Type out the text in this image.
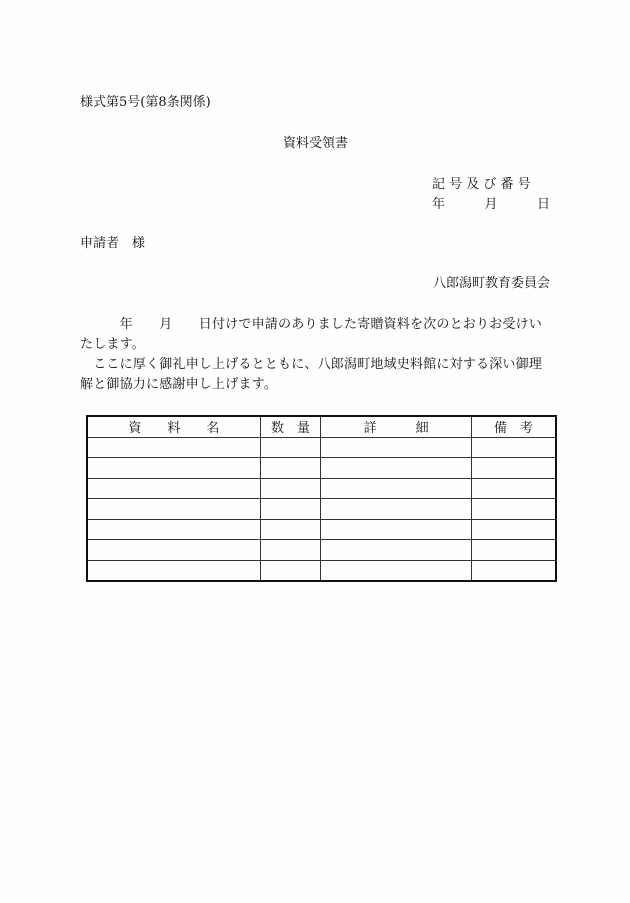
様式第5号(第8条関係)
資料受領書
記 号 及 び 番 号
年	月	日
申請者　様
八郎潟町教育委員会
　　　年　　月　　日付けで申請のありました寄贈資料を次のとおりお受けい
たします。
　ここに厚く御礼申し上げるとともに、八郎潟町地域史料館に対する深い御理
解と御協力に感謝申し上げます。
資　　料　　名	数　量	詳　　　細	備　考
